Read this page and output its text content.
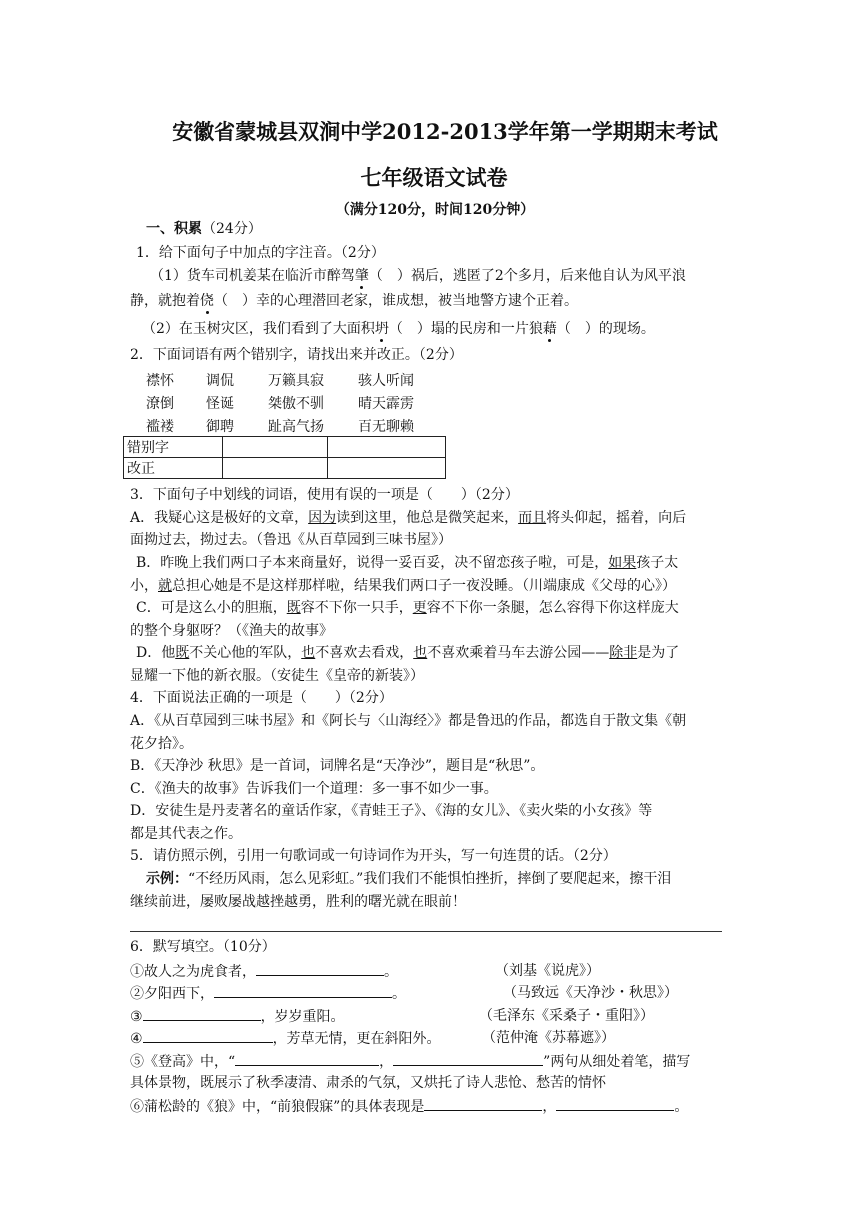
安徽省蒙城县双涧中学2012-2013学年第一学期期末考试
七年级语文试卷
（满分120分，时间120分钟）
一、积累（24分）
1．给下面句子中加点的字注音。（2分）
（1）货车司机姜某在临沂市醉驾肇（　）祸后，逃匿了2个多月，后来他自认为风平浪
静，就抱着侥（　）幸的心理潜回老家，谁成想，被当地警方逮个正着。
（2）在玉树灾区，我们看到了大面积坍（　）塌的民房和一片狼藉（　）的现场。
2．下面词语有两个错别字，请找出来并改正。（2分）
襟怀 调侃 万籁具寂 骇人听闻
潦倒 怪诞 桀傲不驯 晴天霹雳
褴褛 御聘 趾高气扬 百无聊赖
错别字		
改正		
3．下面句子中划线的词语，使用有误的一项是（　　）（2分）
A．我疑心这是极好的文章，因为读到这里，他总是微笑起来，而且将头仰起，摇着，向后
面拗过去，拗过去。（鲁迅《从百草园到三味书屋》）
B．昨晚上我们两口子本来商量好，说得一妥百妥，决不留恋孩子啦，可是，如果孩子太
小，就总担心她是不是这样那样啦，结果我们两口子一夜没睡。（川端康成《父母的心》）
C．可是这么小的胆瓶，既容不下你一只手，更容不下你一条腿，怎么容得下你这样庞大
的整个身躯呀？（《渔夫的故事》
D．他既不关心他的军队，也不喜欢去看戏，也不喜欢乘着马车去游公园——除非是为了
显耀一下他的新衣服。（安徒生《皇帝的新装》）
4．下面说法正确的一项是（　　）（2分）
A．《从百草园到三味书屋》和《阿长与〈山海经〉》都是鲁迅的作品，都选自于散文集《朝
花夕拾》。
B．《天净沙 秋思》是一首词，词牌名是“天净沙”，题目是“秋思”。
C．《渔夫的故事》告诉我们一个道理：多一事不如少一事。
D．安徒生是丹麦著名的童话作家，《青蛙王子》、《海的女儿》、《卖火柴的小女孩》等
都是其代表之作。
5．请仿照示例，引用一句歌词或一句诗词作为开头，写一句连贯的话。（2分）
示例：“不经历风雨，怎么见彩虹。”我们我们不能惧怕挫折，摔倒了要爬起来，擦干泪
继续前进，屡败屡战越挫越勇，胜利的曙光就在眼前！
6．默写填空。（10分）
①故人之为虎食者，	。	（刘基《说虎》）
②夕阳西下，	。	（马致远《天净沙・秋思》）
③	，岁岁重阳。	（毛泽东《采桑子・重阳》）
④	，芳草无情，更在斜阳外。	（范仲淹《苏幕遮》）
⑤《登高》中，“	，	”两句从细处着笔，描写
具体景物，既展示了秋季凄清、肃杀的气氛，又烘托了诗人悲怆、愁苦的情怀
⑥蒲松龄的《狼》中，“前狼假寐”的具体表现是	，	。
